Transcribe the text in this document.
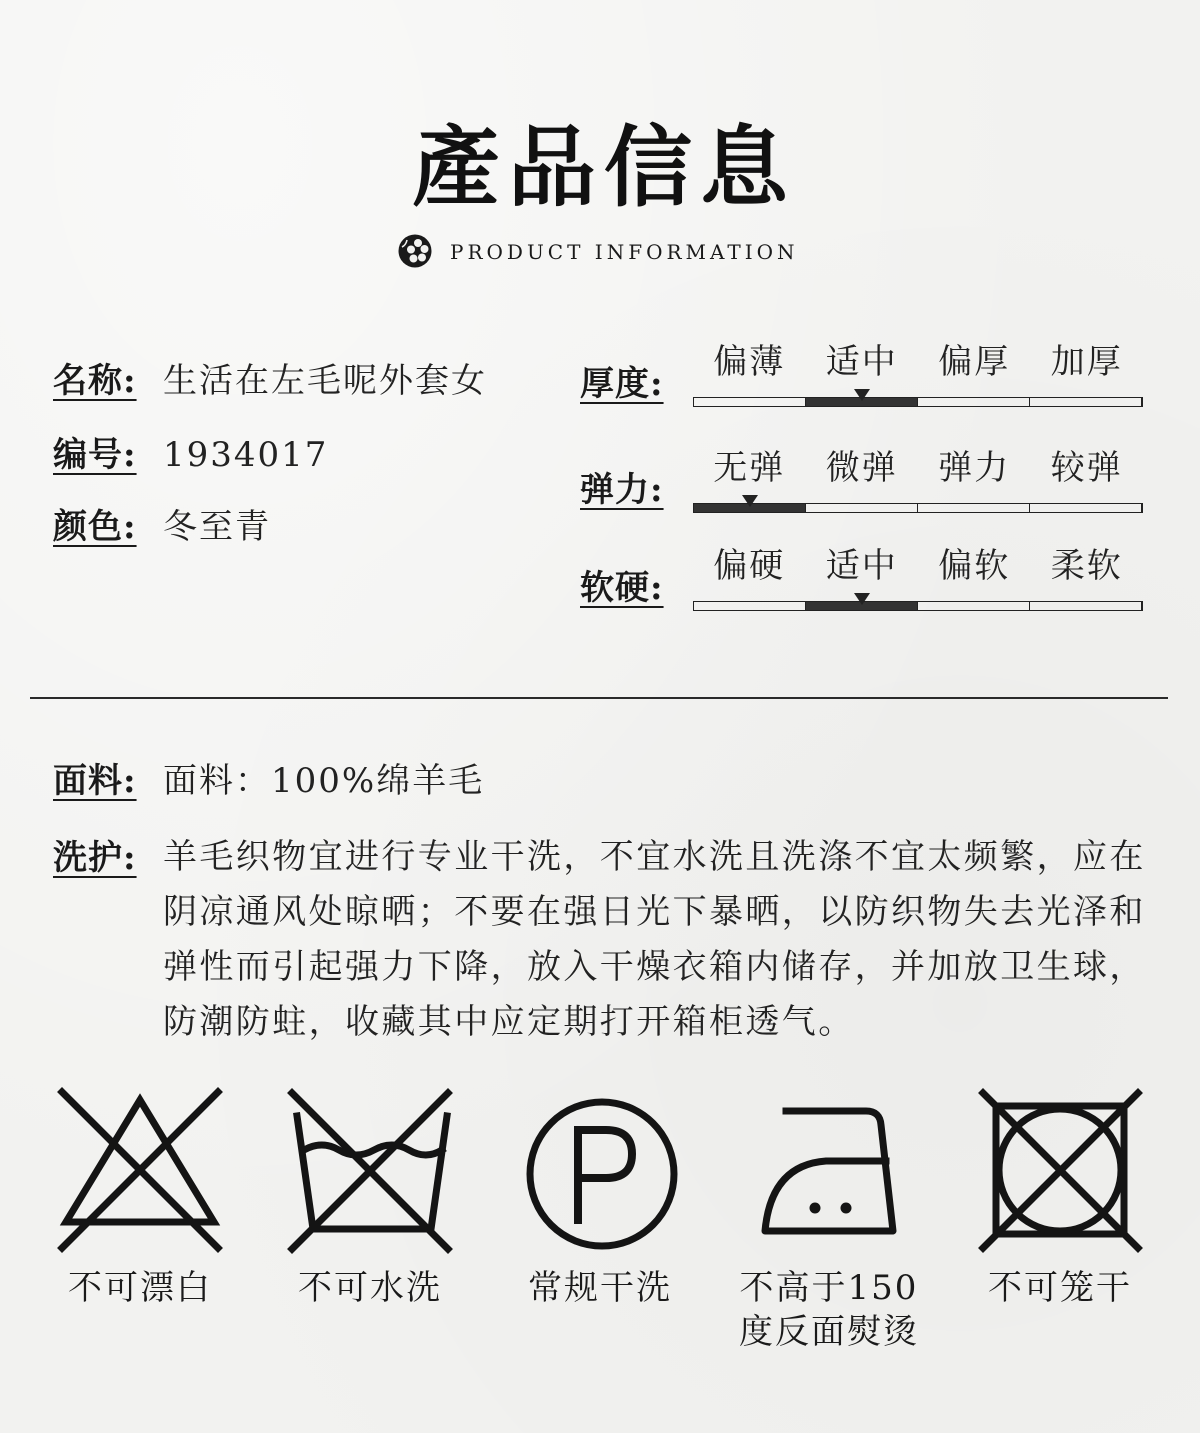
產品信息
PRODUCT INFORMATION
名称: 生活在左毛呢外套女
编号: 1934017
颜色: 冬至青
厚度:
偏薄	适中	偏厚	加厚
弹力:
无弹	微弹	弹力	较弹
软硬:
偏硬	适中	偏软	柔软
面料: 面料：100%绵羊毛
洗护: 羊毛织物宜进行专业干洗，不宜水洗且洗涤不宜太频繁，应在
阴凉通风处晾晒；不要在强日光下暴晒，以防织物失去光泽和
弹性而引起强力下降，放入干燥衣箱内储存，并加放卫生球，
防潮防蛀，收藏其中应定期打开箱柜透气。
不可漂白	不可水洗	常规干洗	不高于150
度反面熨烫
不可笼干
